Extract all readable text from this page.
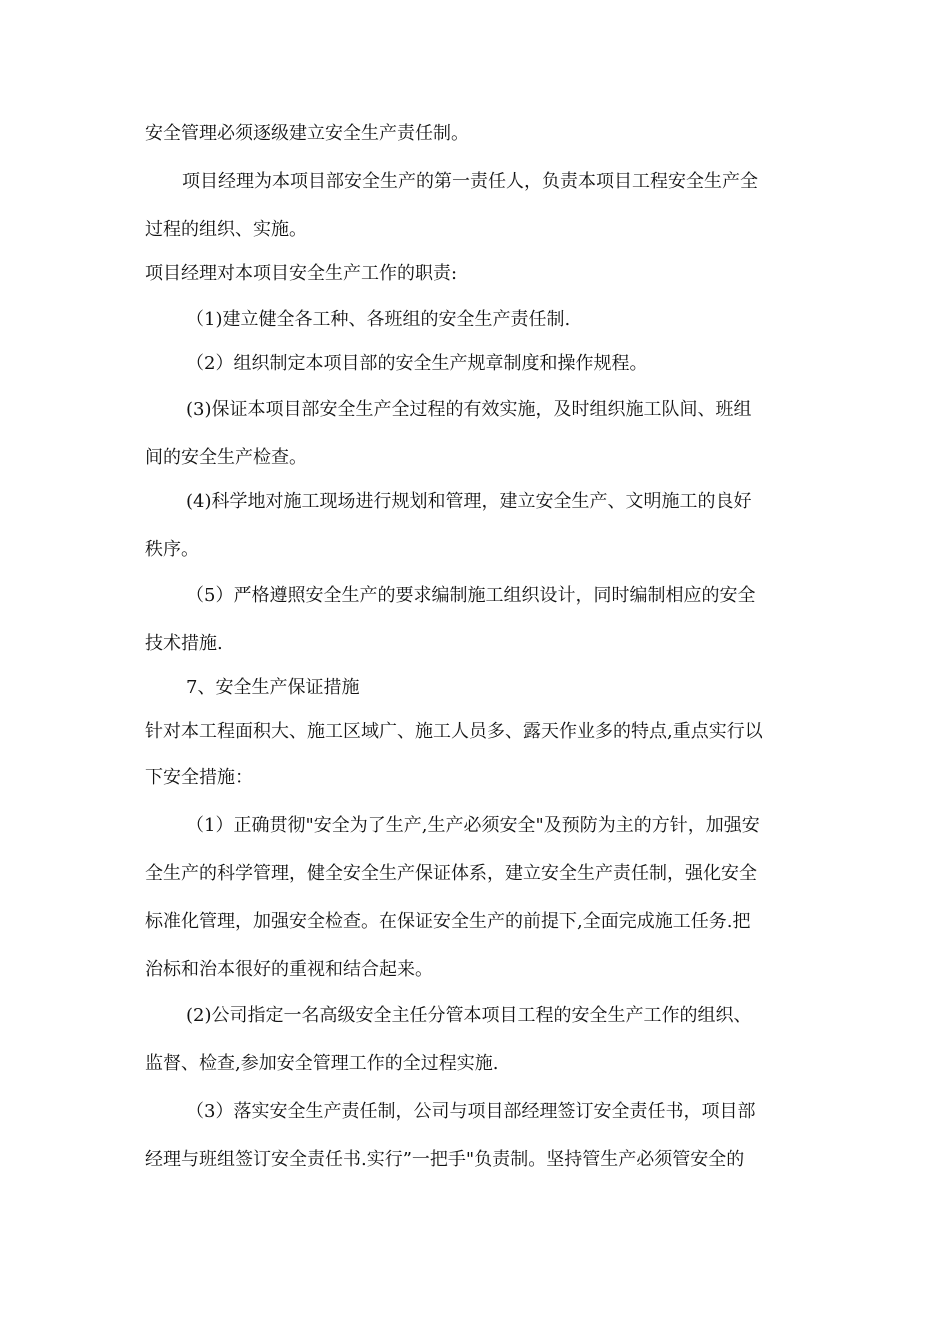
安全管理必须逐级建立安全生产责任制。
项目经理为本项目部安全生产的第一责任人，负责本项目工程安全生产全
过程的组织、实施。
项目经理对本项目安全生产工作的职责:
（1)建立健全各工种、各班组的安全生产责任制.
（2）组织制定本项目部的安全生产规章制度和操作规程。
(3)保证本项目部安全生产全过程的有效实施，及时组织施工队间、班组
间的安全生产检查。
(4)科学地对施工现场进行规划和管理，建立安全生产、文明施工的良好
秩序。
（5）严格遵照安全生产的要求编制施工组织设计，同时编制相应的安全
技术措施.
7、安全生产保证措施
针对本工程面积大、施工区域广、施工人员多、露天作业多的特点,重点实行以
下安全措施：
（1）正确贯彻"安全为了生产,生产必须安全"及预防为主的方针，加强安
全生产的科学管理，健全安全生产保证体系，建立安全生产责任制，强化安全
标准化管理，加强安全检查。在保证安全生产的前提下,全面完成施工任务.把
治标和治本很好的重视和结合起来。
(2)公司指定一名高级安全主任分管本项目工程的安全生产工作的组织、
监督、检查,参加安全管理工作的全过程实施.
（3）落实安全生产责任制，公司与项目部经理签订安全责任书，项目部
经理与班组签订安全责任书.实行”一把手"负责制。坚持管生产必须管安全的
